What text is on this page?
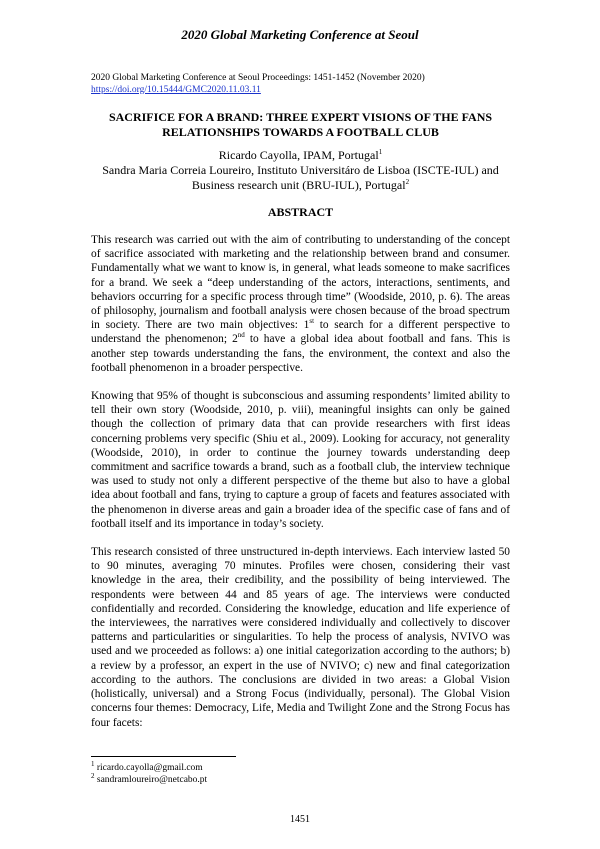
2020 Global Marketing Conference at Seoul
2020 Global Marketing Conference at Seoul Proceedings: 1451-1452 (November 2020)
https://doi.org/10.15444/GMC2020.11.03.11
SACRIFICE FOR A BRAND: THREE EXPERT VISIONS OF THE FANS
RELATIONSHIPS TOWARDS A FOOTBALL CLUB
Ricardo Cayolla, IPAM, Portugal$^1$
Sandra Maria Correia Loureiro, Instituto Universitáro de Lisboa (ISCTE-IUL) and
Business research unit (BRU-IUL), Portugal$^2$
ABSTRACT

This research was carried out with the aim of contributing to understanding of the concept of sacrifice associated with marketing and the relationship between brand and consumer. Fundamentally what we want to know is, in general, what leads someone to make sacrifices for a brand. We seek a “deep understanding of the actors, interactions, sentiments, and behaviors occurring for a specific process through time” (Woodside, 2010, p. 6). The areas of philosophy, journalism and football analysis were chosen because of the broad spectrum in society. There are two main objectives: 1st to search for a different perspective to understand the phenomenon; 2nd to have a global idea about football and fans. This is another step towards understanding the fans, the environment, the context and also the football phenomenon in a broader perspective.

Knowing that 95% of thought is subconscious and assuming respondents’ limited ability to tell their own story (Woodside, 2010, p. viii), meaningful insights can only be gained though the collection of primary data that can provide researchers with first ideas concerning problems very specific (Shiu et al., 2009). Looking for accuracy, not generality (Woodside, 2010), in order to continue the journey towards understanding deep commitment and sacrifice towards a brand, such as a football club, the interview technique was used to study not only a different perspective of the theme but also to have a global idea about football and fans, trying to capture a group of facets and features associated with the phenomenon in diverse areas and gain a broader idea of the specific case of fans and of football itself and its importance in today’s society.

This research consisted of three unstructured in-depth interviews. Each interview lasted 50 to 90 minutes, averaging 70 minutes. Profiles were chosen, considering their vast knowledge in the area, their credibility, and the possibility of being interviewed. The respondents were between 44 and 85 years of age. The interviews were conducted confidentially and recorded. Considering the knowledge, education and life experience of the interviewees, the narratives were considered individually and collectively to discover patterns and particularities or singularities. To help the process of analysis, NVIVO was used and we proceeded as follows: a) one initial categorization according to the authors; b) a review by a professor, an expert in the use of NVIVO; c) new and final categorization according to the authors. The conclusions are divided in two areas: a Global Vision (holistically, universal) and a Strong Focus (individually, personal). The Global Vision concerns four themes: Democracy, Life, Media and Twilight Zone and the Strong Focus has four facets:

$^1$ ricardo.cayolla@gmail.com
$^2$ sandramloureiro@netcabo.pt
1451
